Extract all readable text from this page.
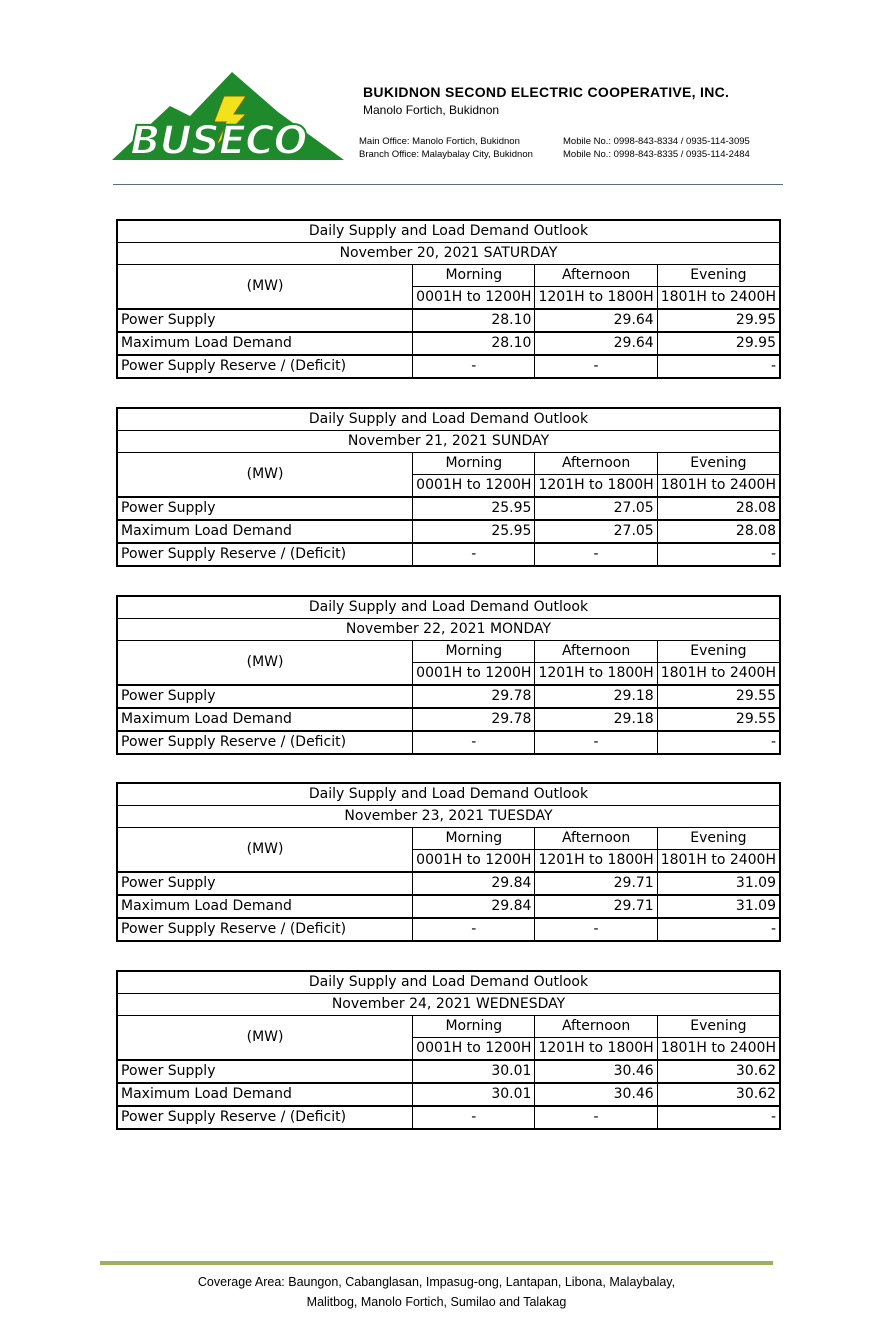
BUSECO
BUKIDNON SECOND ELECTRIC COOPERATIVE, INC.
Manolo Fortich, Bukidnon
Main Office: Manolo Fortich, Bukidnon
Branch Office: Malaybalay City, Bukidnon
Mobile No.: 0998-843-8334 / 0935-114-3095
Mobile No.: 0998-843-8335 / 0935-114-2484
Daily Supply and Load Demand Outlook			
November 20, 2021 SATURDAY			
(MW)	Morning	Afternoon	Evening
	0001H to 1200H	1201H to 1800H	1801H to 2400H
Power Supply	28.10	29.64	29.95
Maximum Load Demand	28.10	29.64	29.95
Power Supply Reserve / (Deficit)	-	-	-
Daily Supply and Load Demand Outlook			
November 21, 2021 SUNDAY			
(MW)	Morning	Afternoon	Evening
	0001H to 1200H	1201H to 1800H	1801H to 2400H
Power Supply	25.95	27.05	28.08
Maximum Load Demand	25.95	27.05	28.08
Power Supply Reserve / (Deficit)	-	-	-
Daily Supply and Load Demand Outlook			
November 22, 2021 MONDAY			
(MW)	Morning	Afternoon	Evening
	0001H to 1200H	1201H to 1800H	1801H to 2400H
Power Supply	29.78	29.18	29.55
Maximum Load Demand	29.78	29.18	29.55
Power Supply Reserve / (Deficit)	-	-	-
Daily Supply and Load Demand Outlook			
November 23, 2021 TUESDAY			
(MW)	Morning	Afternoon	Evening
	0001H to 1200H	1201H to 1800H	1801H to 2400H
Power Supply	29.84	29.71	31.09
Maximum Load Demand	29.84	29.71	31.09
Power Supply Reserve / (Deficit)	-	-	-
Daily Supply and Load Demand Outlook			
November 24, 2021 WEDNESDAY			
(MW)	Morning	Afternoon	Evening
	0001H to 1200H	1201H to 1800H	1801H to 2400H
Power Supply	30.01	30.46	30.62
Maximum Load Demand	30.01	30.46	30.62
Power Supply Reserve / (Deficit)	-	-	-
Coverage Area: Baungon, Cabanglasan, Impasug-ong, Lantapan, Libona, Malaybalay,
Malitbog, Manolo Fortich, Sumilao and Talakag
